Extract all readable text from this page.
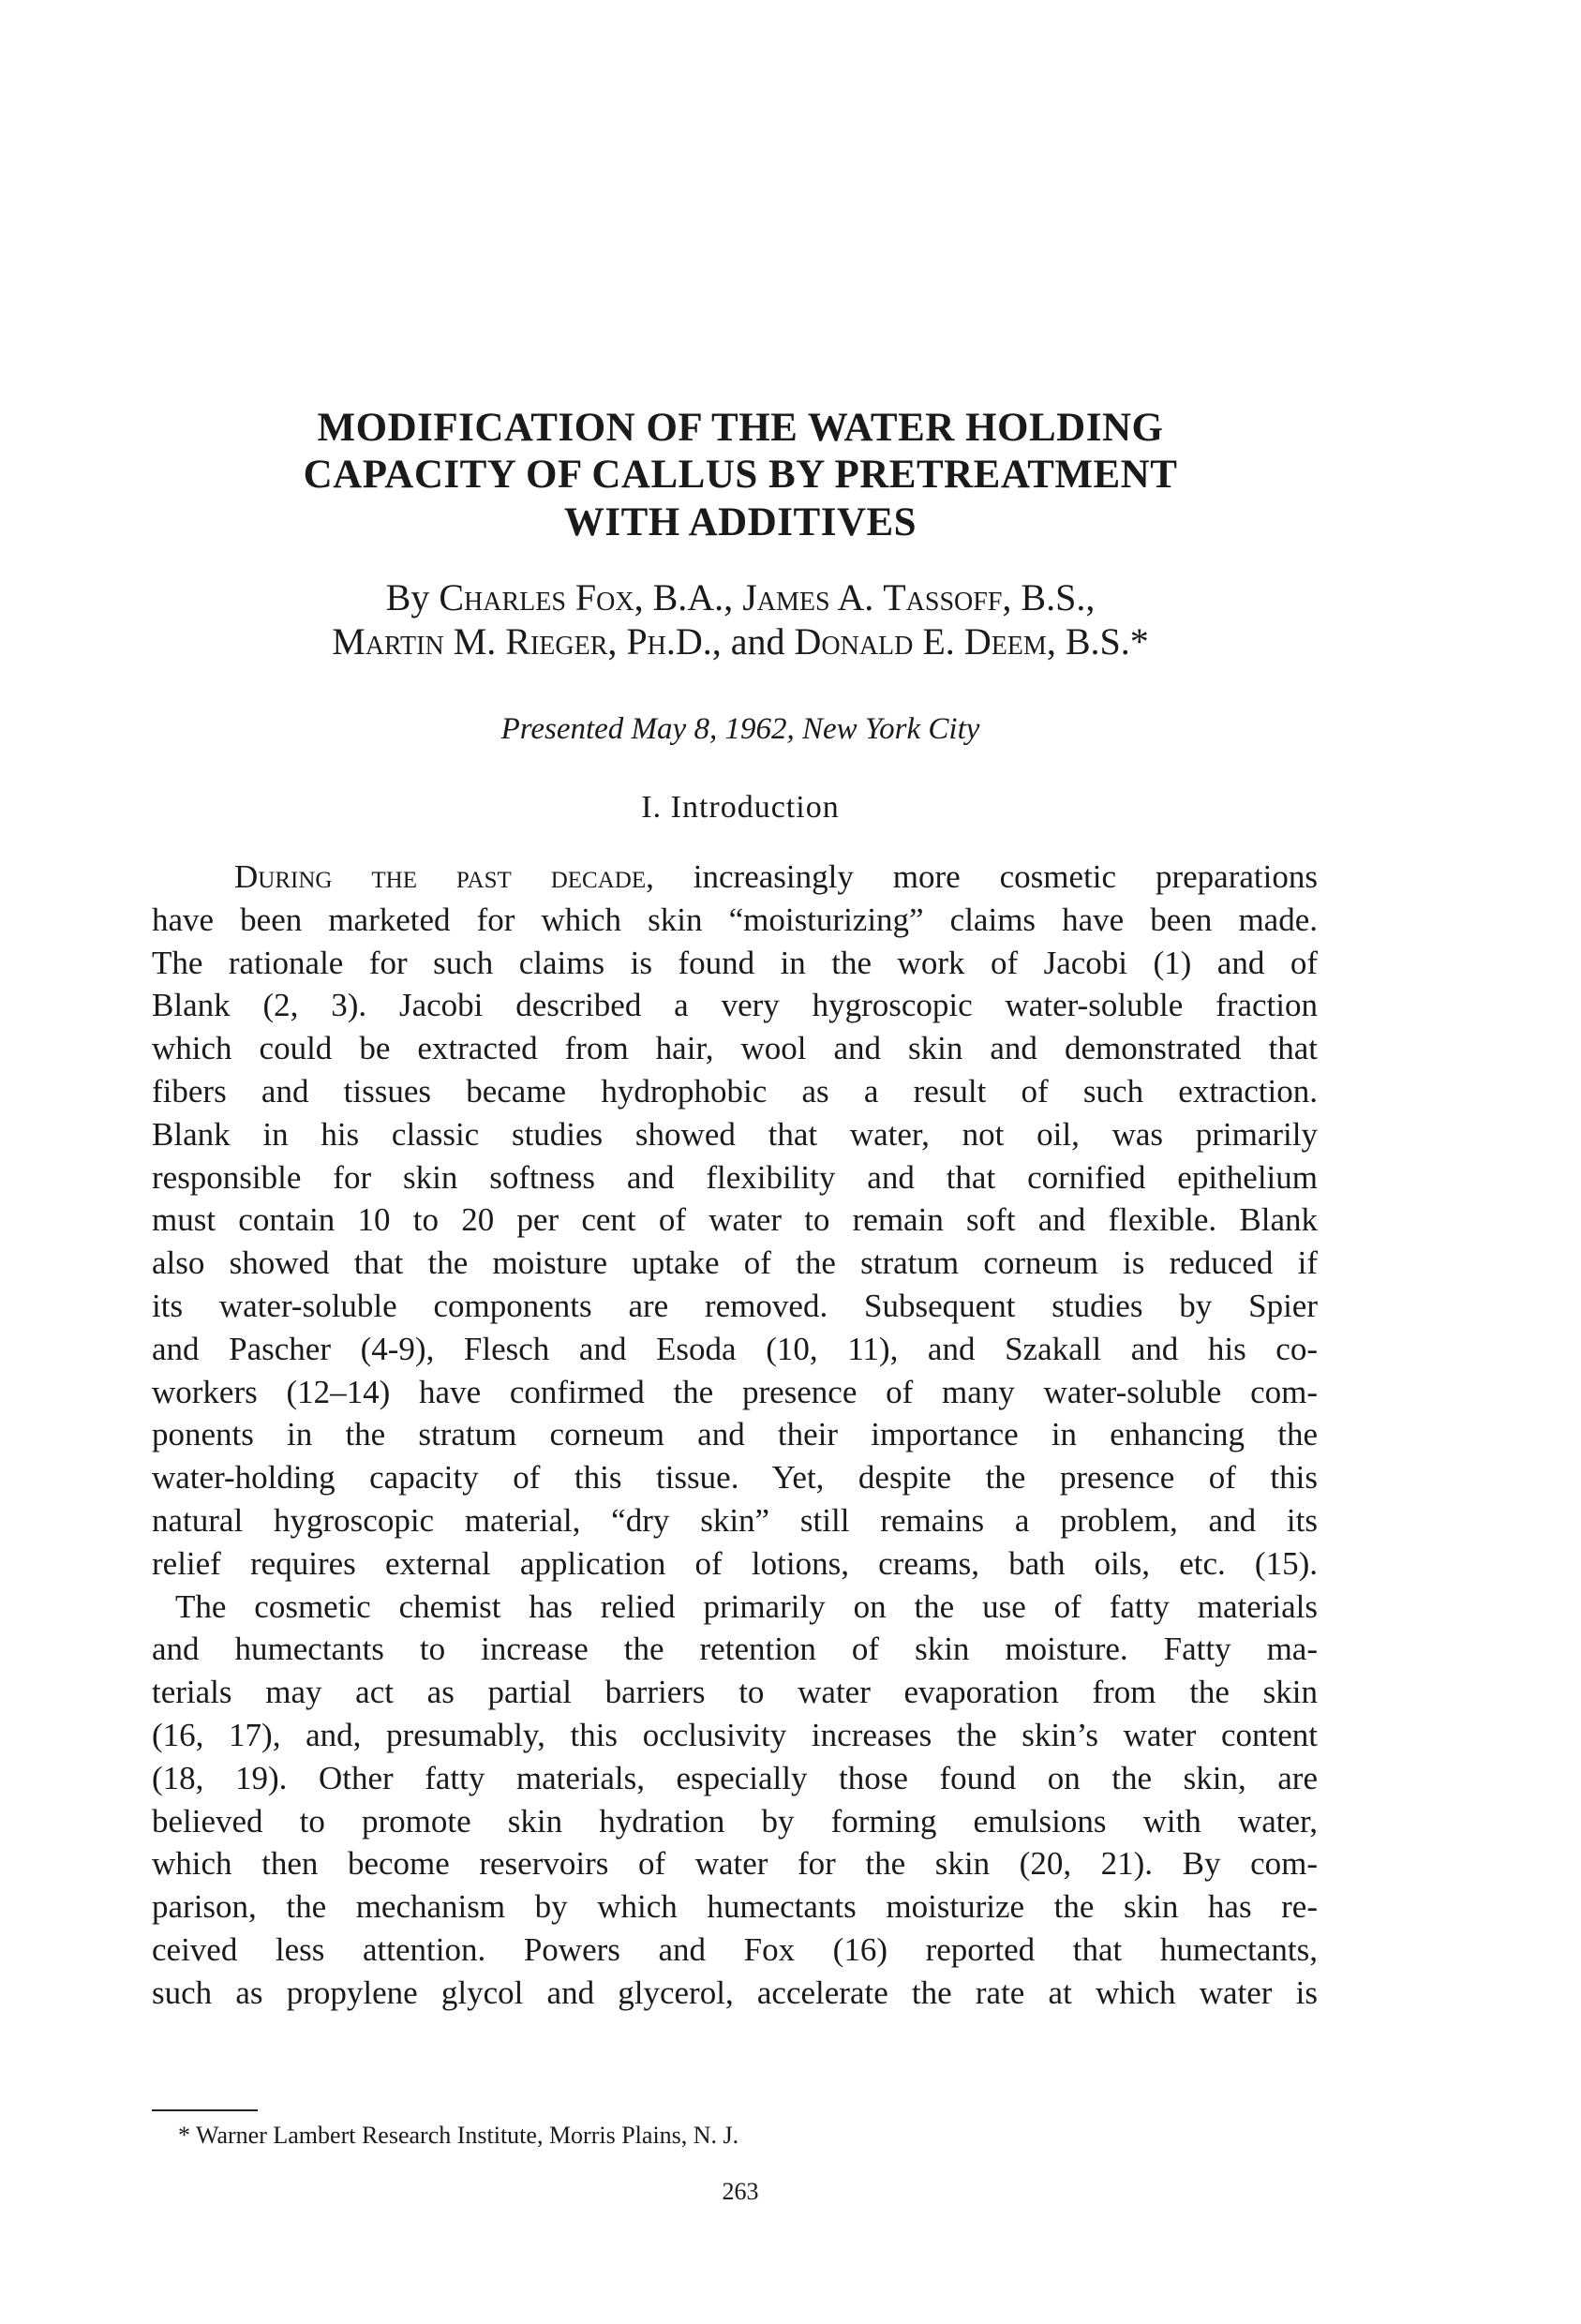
MODIFICATION OF THE WATER HOLDING
CAPACITY OF CALLUS BY PRETREATMENT
WITH ADDITIVES
By Charles Fox, B.A., James A. Tassoff, B.S.,
Martin M. Rieger, Ph.D., and Donald E. Deem, B.S.*
Presented May 8, 1962, New York City
I. Introduction
During the past decade, increasingly more cosmetic preparations
have been marketed for which skin “moisturizing” claims have been made.
The rationale for such claims is found in the work of Jacobi (1) and of
Blank (2, 3). Jacobi described a very hygroscopic water-soluble fraction
which could be extracted from hair, wool and skin and demonstrated that
fibers and tissues became hydrophobic as a result of such extraction.
Blank in his classic studies showed that water, not oil, was primarily
responsible for skin softness and flexibility and that cornified epithelium
must contain 10 to 20 per cent of water to remain soft and flexible. Blank
also showed that the moisture uptake of the stratum corneum is reduced if
its water-soluble components are removed. Subsequent studies by Spier
and Pascher (4-9), Flesch and Esoda (10, 11), and Szakall and his co-
workers (12–14) have confirmed the presence of many water-soluble com-
ponents in the stratum corneum and their importance in enhancing the
water-holding capacity of this tissue. Yet, despite the presence of this
natural hygroscopic material, “dry skin” still remains a problem, and its
relief requires external application of lotions, creams, bath oils, etc. (15).
The cosmetic chemist has relied primarily on the use of fatty materials
and humectants to increase the retention of skin moisture. Fatty ma-
terials may act as partial barriers to water evaporation from the skin
(16, 17), and, presumably, this occlusivity increases the skin’s water content
(18, 19). Other fatty materials, especially those found on the skin, are
believed to promote skin hydration by forming emulsions with water,
which then become reservoirs of water for the skin (20, 21). By com-
parison, the mechanism by which humectants moisturize the skin has re-
ceived less attention. Powers and Fox (16) reported that humectants,
such as propylene glycol and glycerol, accelerate the rate at which water is
* Warner Lambert Research Institute, Morris Plains, N. J.
263
